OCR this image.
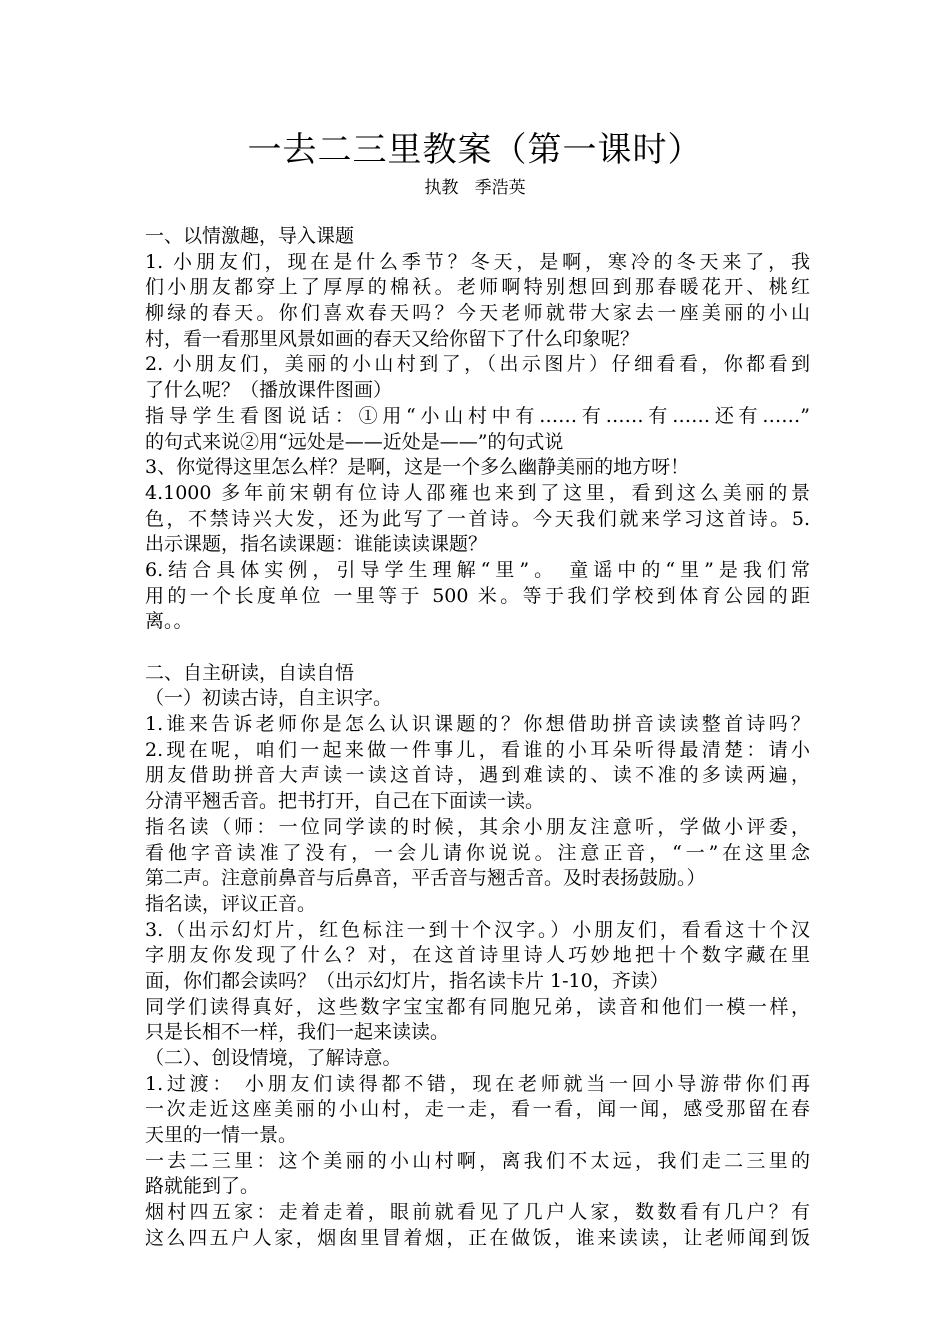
一去二三里教案（第一课时）
执教   季浩英
一、以情激趣，导入课题
1. 小朋友们，现在是什么季节？冬天，是啊，寒冷的冬天来了，我
们小朋友都穿上了厚厚的棉袄。老师啊特别想回到那春暖花开、桃红
柳绿的春天。你们喜欢春天吗？今天老师就带大家去一座美丽的小山
村，看一看那里风景如画的春天又给你留下了什么印象呢？
2. 小朋友们，美丽的小山村到了，（出示图片）仔细看看，你都看到
了什么呢？（播放课件图画）
指导学生看图说话：①用“小山村中有……有……有……还有……”
的句式来说②用“远处是——近处是——”的句式说
3、你觉得这里怎么样？是啊，这是一个多么幽静美丽的地方呀！
4.1000 多年前宋朝有位诗人邵雍也来到了这里，看到这么美丽的景
色，不禁诗兴大发，还为此写了一首诗。今天我们就来学习这首诗。5.
出示课题，指名读课题：谁能读读课题？
6.结合具体实例，引导学生理解“里”。 童谣中的“里”是我们常
用的一个长度单位 一里等于 500 米。等于我们学校到体育公园的距
离。。
二、自主研读，自读自悟
（一）初读古诗，自主识字。
1.谁来告诉老师你是怎么认识课题的？你想借助拼音读读整首诗吗？
2.现在呢，咱们一起来做一件事儿，看谁的小耳朵听得最清楚：请小
朋友借助拼音大声读一读这首诗，遇到难读的、读不准的多读两遍，
分清平翘舌音。把书打开，自己在下面读一读。
指名读（师：一位同学读的时候，其余小朋友注意听，学做小评委，
看他字音读准了没有，一会儿请你说说。注意正音，“一”在这里念
第二声。注意前鼻音与后鼻音，平舌音与翘舌音。及时表扬鼓励。）
指名读，评议正音。
3.（出示幻灯片，红色标注一到十个汉字。）小朋友们，看看这十个汉
字朋友你发现了什么？对，在这首诗里诗人巧妙地把十个数字藏在里
面，你们都会读吗？（出示幻灯片，指名读卡片 1-10，齐读）
同学们读得真好，这些数字宝宝都有同胞兄弟，读音和他们一模一样，
只是长相不一样，我们一起来读读。
（二）、创设情境，了解诗意。
1.过渡： 小朋友们读得都不错，现在老师就当一回小导游带你们再
一次走近这座美丽的小山村，走一走，看一看，闻一闻，感受那留在春
天里的一情一景。
一去二三里：这个美丽的小山村啊，离我们不太远，我们走二三里的
路就能到了。
烟村四五家：走着走着，眼前就看见了几户人家，数数看有几户？有
这么四五户人家，烟囱里冒着烟，正在做饭，谁来读读，让老师闻到饭
